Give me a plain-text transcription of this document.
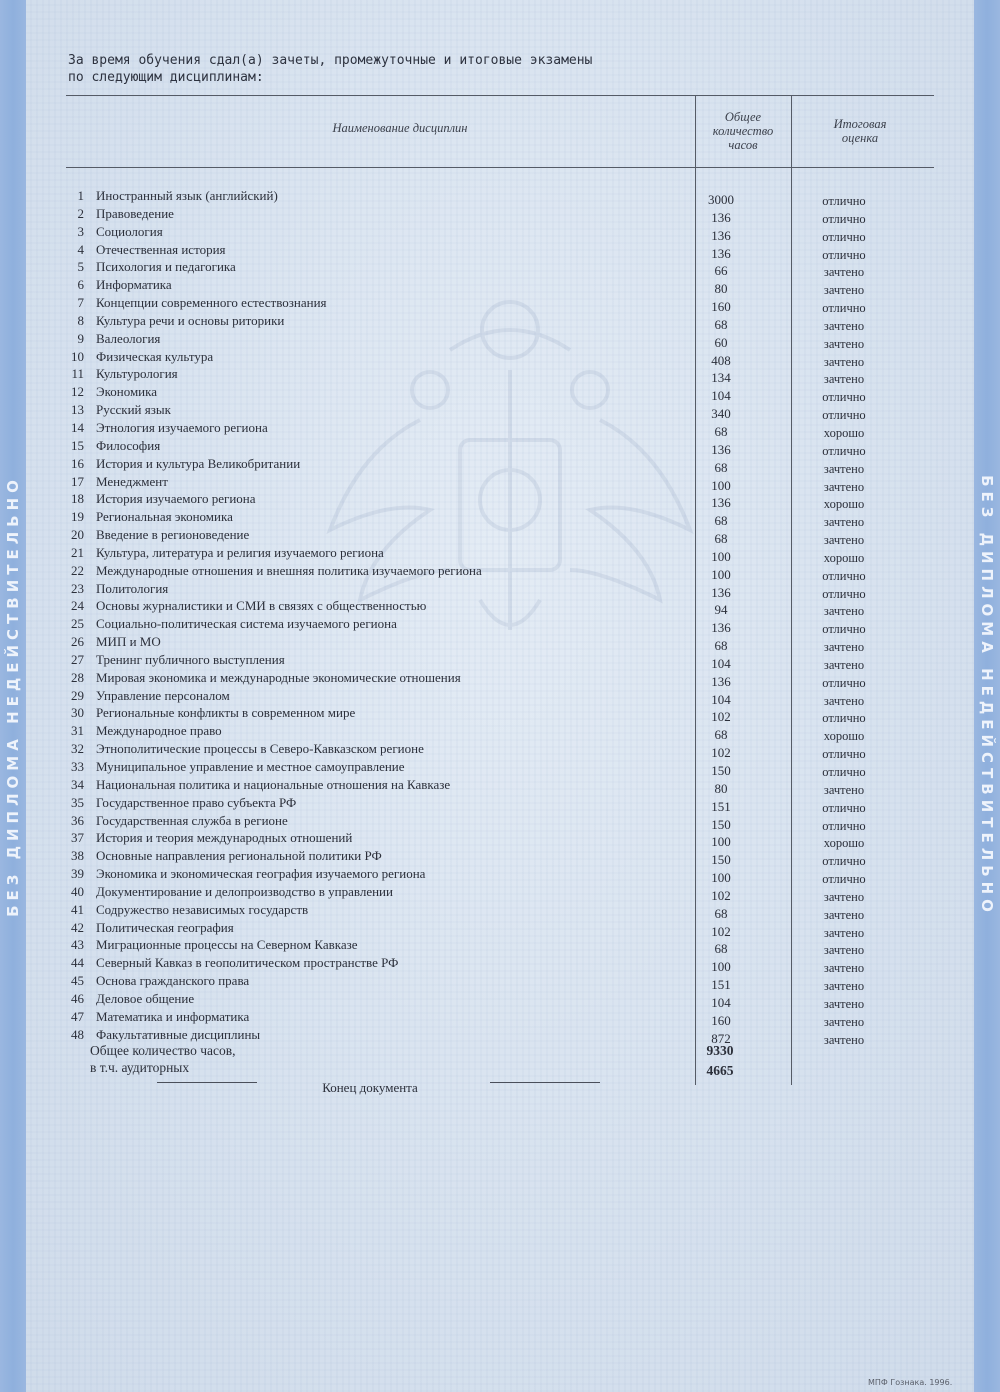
БЕЗ ДИПЛОМА НЕДЕЙСТВИТЕЛЬНО	БЕЗ ДИПЛОМА НЕДЕЙСТВИТЕЛЬНО
За время обучения сдал(а) зачеты, промежуточные и итоговые экзамены
по следующим дисциплинам:
Наименование дисциплин
Общее
количество
часов
Итоговая
оценка
1 Иностранный язык (английский)	3000	отлично
2 Правоведение	136	отлично
3 Социология	136	отлично
4 Отечественная история	136	отлично
5 Психология и педагогика	66	зачтено
6 Информатика	80	зачтено
7 Концепции современного естествознания	160	отлично
8 Культура речи и основы риторики	68	зачтено
9 Валеология	60	зачтено
10 Физическая культура	408	зачтено
11 Культурология	134	зачтено
12 Экономика	104	отлично
13 Русский язык	340	отлично
14 Этнология изучаемого региона	68	хорошо
15 Философия	136	отлично
16 История и культура Великобритании	68	зачтено
17 Менеджмент	100	зачтено
18 История изучаемого региона	136	хорошо
19 Региональная экономика	68	зачтено
20 Введение в регионоведение	68	зачтено
21 Культура, литература и религия изучаемого региона	100	хорошо
22 Международные отношения и внешняя политика изучаемого региона	100	отлично
23 Политология	136	отлично
24 Основы журналистики и СМИ в связях с общественностью	94	зачтено
25 Социально-политическая система изучаемого региона	136	отлично
26 МИП и МО	68	зачтено
27 Тренинг публичного выступления	104	зачтено
28 Мировая экономика и международные экономические отношения	136	отлично
29 Управление персоналом	104	зачтено
30 Региональные конфликты в современном мире	102	отлично
31 Международное право	68	хорошо
32 Этнополитические процессы в Северо-Кавказском регионе	102	отлично
33 Муниципальное управление и местное самоуправление	150	отлично
34 Национальная политика и национальные отношения на Кавказе	80	зачтено
35 Государственное право субъекта РФ	151	отлично
36 Государственная служба в регионе	150	отлично
37 История и теория международных отношений	100	хорошо
38 Основные направления региональной политики РФ	150	отлично
39 Экономика и экономическая география изучаемого региона	100	отлично
40 Документирование и делопроизводство в управлении	102	зачтено
41 Содружество независимых государств	68	зачтено
42 Политическая география	102	зачтено
43 Миграционные процессы на Северном Кавказе	68	зачтено
44 Северный Кавказ в геополитическом пространстве РФ	100	зачтено
45 Основа гражданского права	151	зачтено
46 Деловое общение	104	зачтено
47 Математика и информатика	160	зачтено
48 Факультативные дисциплины	872	зачтено
Общее количество часов,	9330
в т.ч. аудиторных	4665
Конец документа
МПФ Гознака. 1996.
